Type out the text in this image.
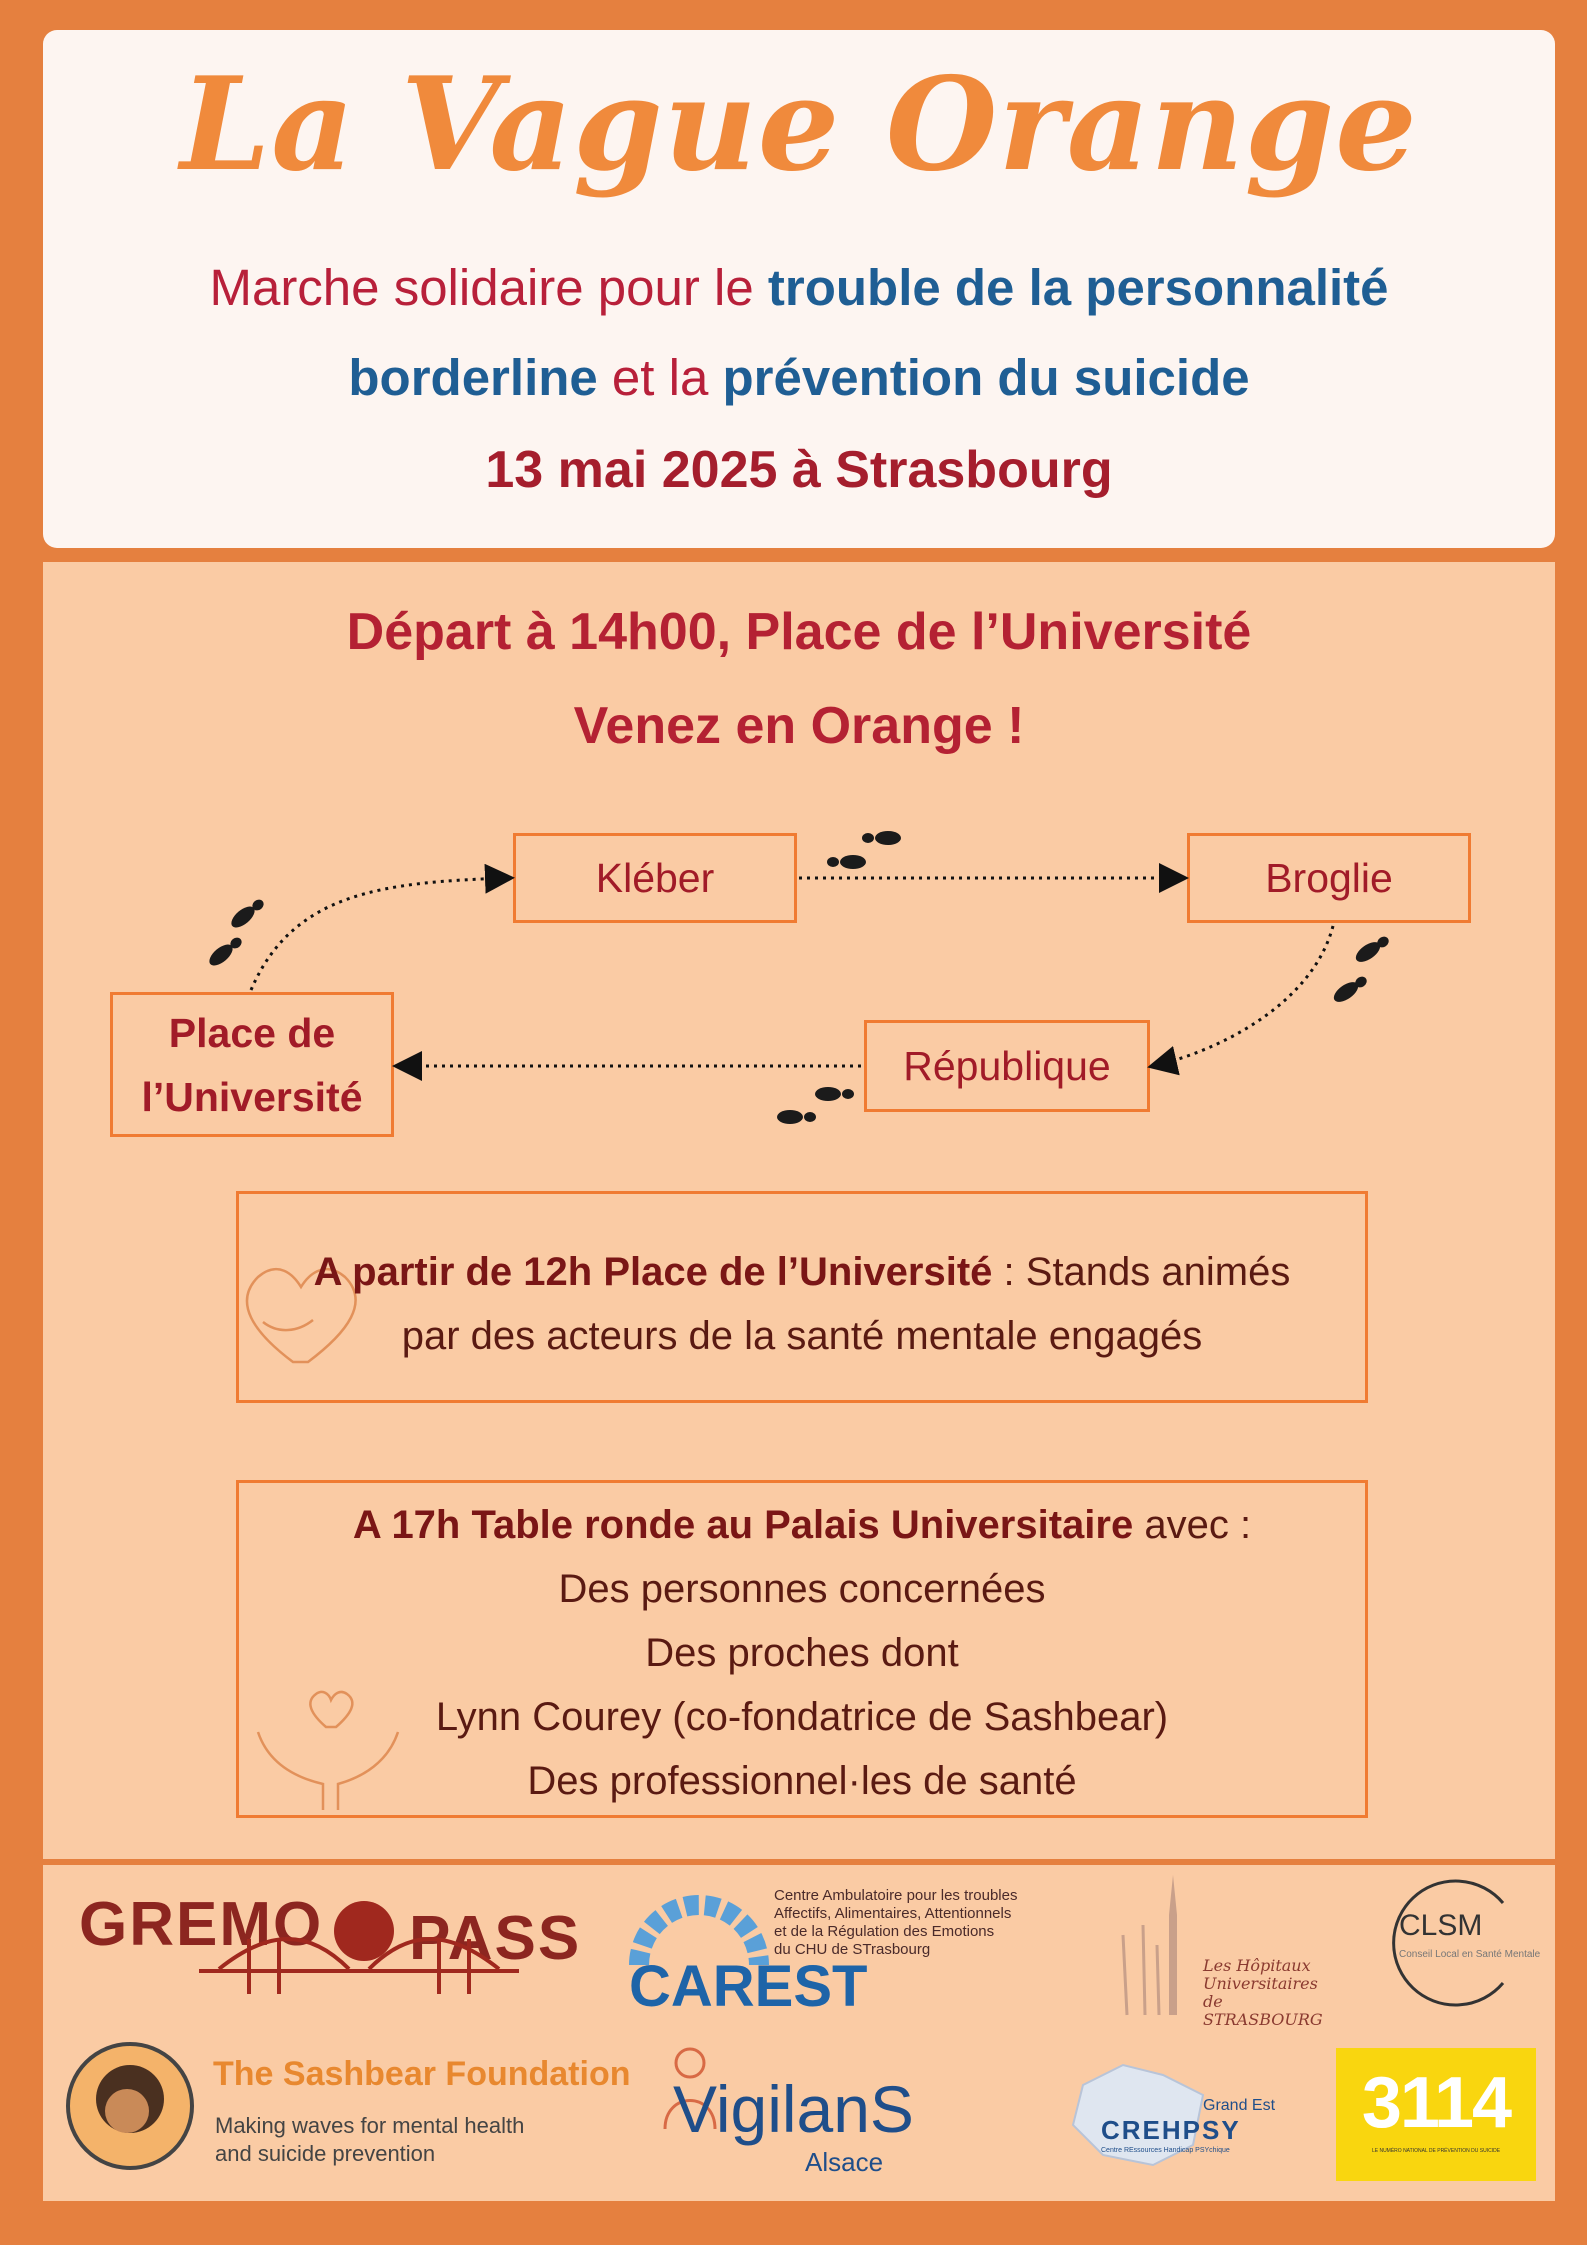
La Vague Orange
Marche solidaire pour le trouble de la personnalité
borderline et la prévention du suicide
13 mai 2025 à Strasbourg
Départ à 14h00, Place de l’Université
Venez en Orange !
Kléber	Broglie
République
Place de
l’Université
A partir de 12h Place de l’Université : Stands animés
par des acteurs de la santé mentale engagés
A 17h Table ronde au Palais Universitaire avec :
Des personnes concernées
Des proches dont
Lynn Courey (co-fondatrice de Sashbear)
Des professionnel·les de santé
GREMO PASS
CAREST
Centre Ambulatoire pour les troubles
Affectifs, Alimentaires, Attentionnels
et de la Régulation des Emotions
du CHU de STrasbourg
Les Hôpitaux
Universitaires
de STRASBOURG
CLSM
Conseil Local en Santé Mentale
The Sashbear Foundation
Making waves for mental health
and suicide prevention
VigilanS
Alsace
Grand Est
CREHPSY
Centre REssources Handicap PSYchique
3114
LE NUMÉRO NATIONAL DE PRÉVENTION DU SUICIDE
